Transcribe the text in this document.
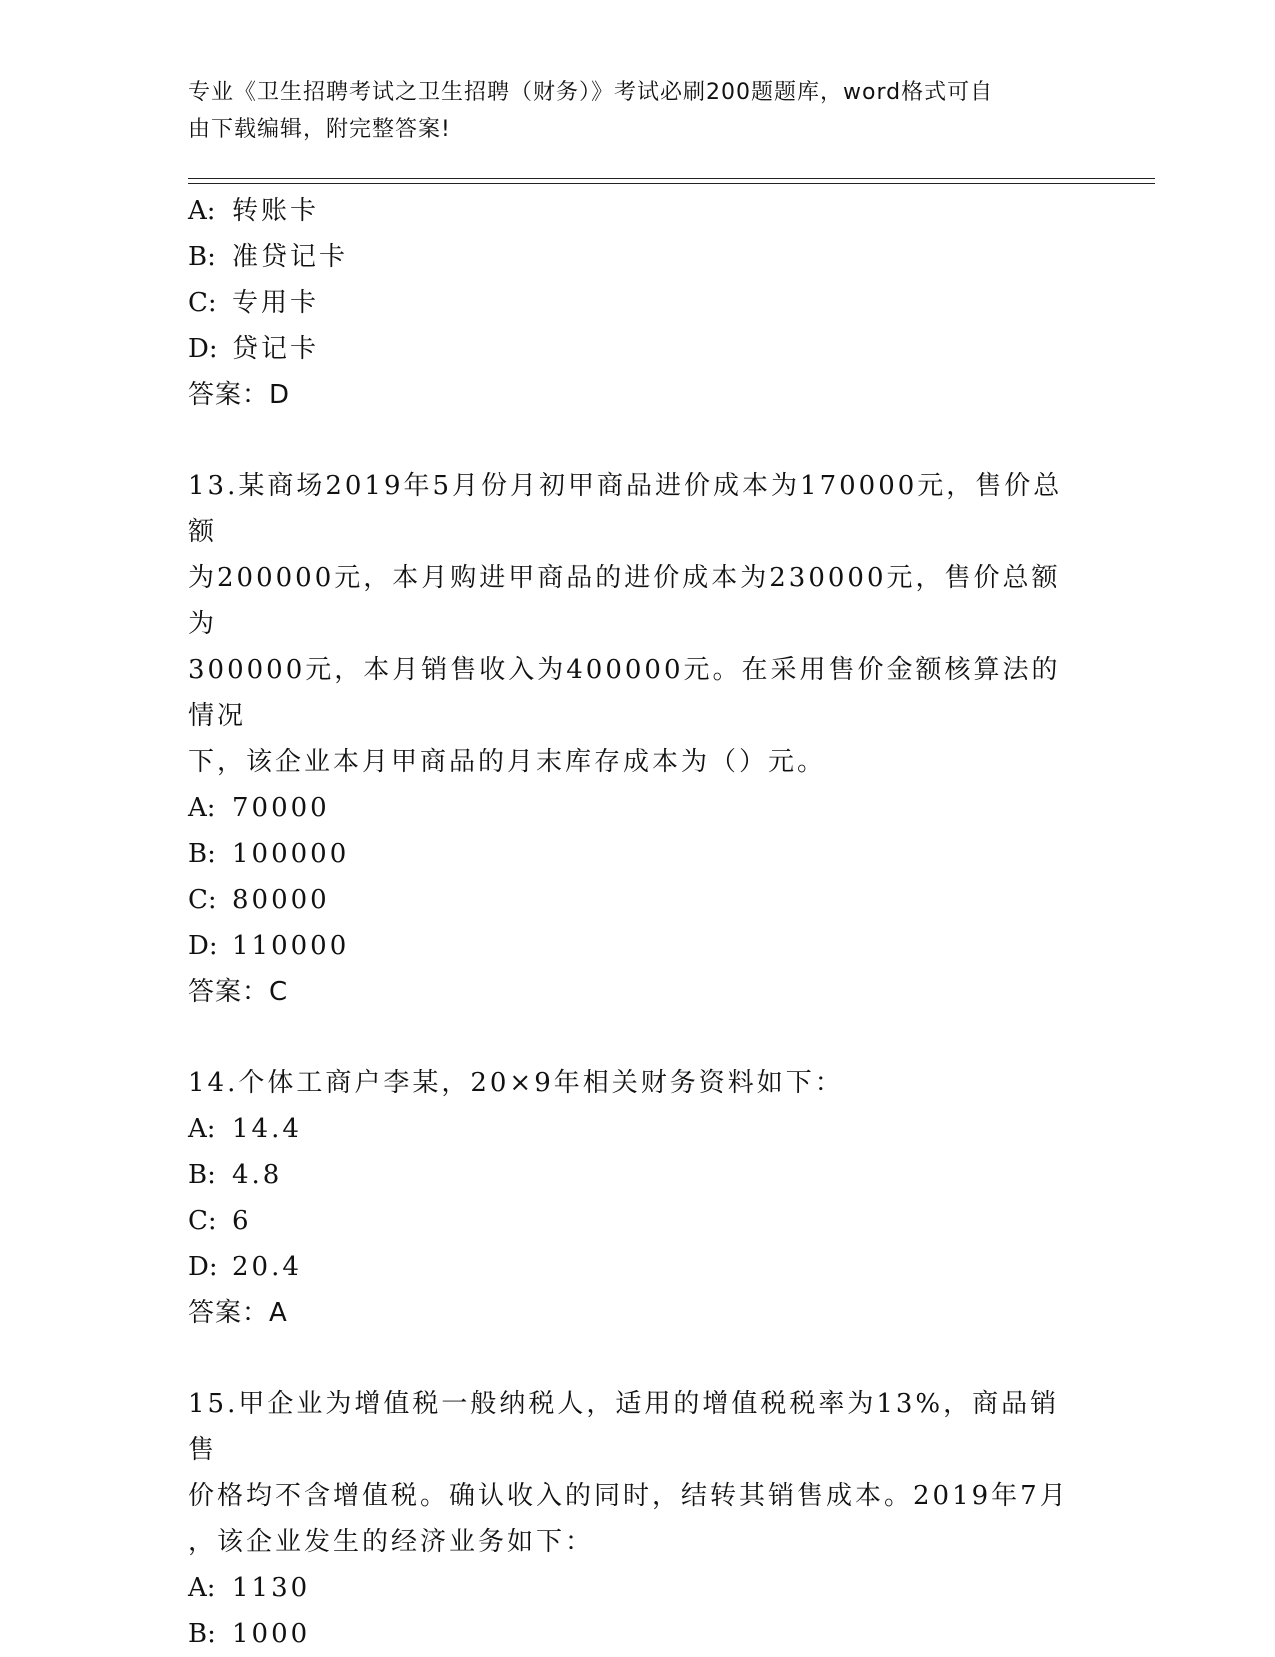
专业《卫生招聘考试之卫生招聘（财务）》考试必刷200题题库，word格式可自
由下载编辑，附完整答案!
A: 转账卡
B: 准贷记卡
C: 专用卡
D: 贷记卡
答案：D
13.某商场2019年5月份月初甲商品进价成本为170000元，售价总额
为200000元，本月购进甲商品的进价成本为230000元，售价总额为
300000元，本月销售收入为400000元。在采用售价金额核算法的情况
下，该企业本月甲商品的月末库存成本为（）元。
A: 70000
B: 100000
C: 80000
D: 110000
答案：C
14.个体工商户李某，20×9年相关财务资料如下：
A: 14.4
B: 4.8
C: 6
D: 20.4
答案：A
15.甲企业为增值税一般纳税人，适用的增值税税率为13%，商品销售
价格均不含增值税。确认收入的同时，结转其销售成本。2019年7月
，该企业发生的经济业务如下：
A: 1130
B: 1000
